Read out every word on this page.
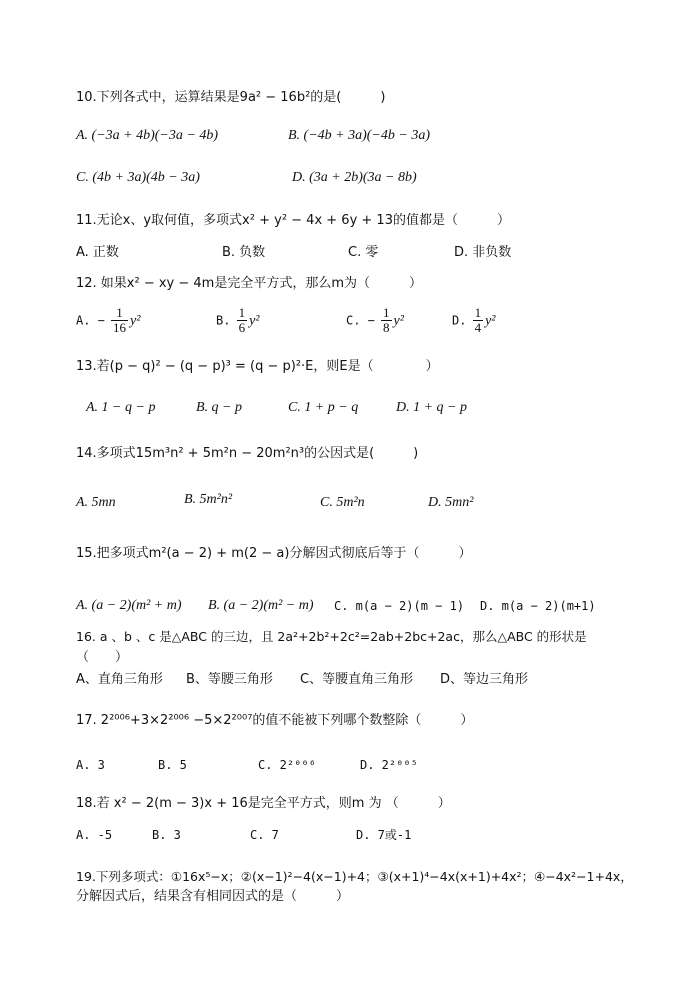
10.下列各式中，运算结果是9a² − 16b²的是(　　　)
A. (−3a + 4b)(−3a − 4b)	B. (−4b + 3a)(−4b − 3a)
C. (4b + 3a)(4b − 3a)	D. (3a + 2b)(3a − 8b)
11.无论x、y取何值，多项式x² + y² − 4x + 6y + 13的值都是（　　　）
A. 正数	B. 负数	C. 零	D. 非负数
12. 如果x² − xy − 4m是完全平方式，那么m为（　　　）
A. − $\frac{1}{16} y^2$	B. $\frac{1}{6} y^2$	C. − $\frac{1}{8} y^2$	D. $\frac{1}{4} y^2$
13.若(p − q)² − (q − p)³ = (q − p)²·E，则E是（　　　　）
A. 1 − q − p	B. q − p	C. 1 + p − q	D. 1 + q − p
14.多项式15m³n² + 5m²n − 20m²n³的公因式是(　　　)
A. 5mn	B. 5m²n²	C. 5m²n	D. 5mn²
15.把多项式m²(a − 2) + m(2 − a)分解因式彻底后等于（　　　）
A. (a − 2)(m² + m) B. (a − 2)(m² − m) C. m(a − 2)(m − 1) D. m(a − 2)(m+1)
16. a 、b 、c 是△ABC 的三边，且 2a²+2b²+2c²=2ab+2bc+2ac，那么△ABC 的形状是
（　　）
A、直角三角形 B、等腰三角形 C、等腰直角三角形 D、等边三角形
17. 2²⁰⁰⁶+3×2²⁰⁰⁶ −5×2²⁰⁰⁷的值不能被下列哪个数整除（　　　）
A. 3	B. 5	C. 2²⁰⁰⁶	D. 2²⁰⁰⁵
18.若 x² − 2(m − 3)x + 16是完全平方式，则m 为 （　　　）
A. -5	B. 3	C. 7	D. 7或-1
19.下列多项式：①16x⁵−x；②(x−1)²−4(x−1)+4；③(x+1)⁴−4x(x+1)+4x²；④−4x²−1+4x，
分解因式后，结果含有相同因式的是（　　　）
